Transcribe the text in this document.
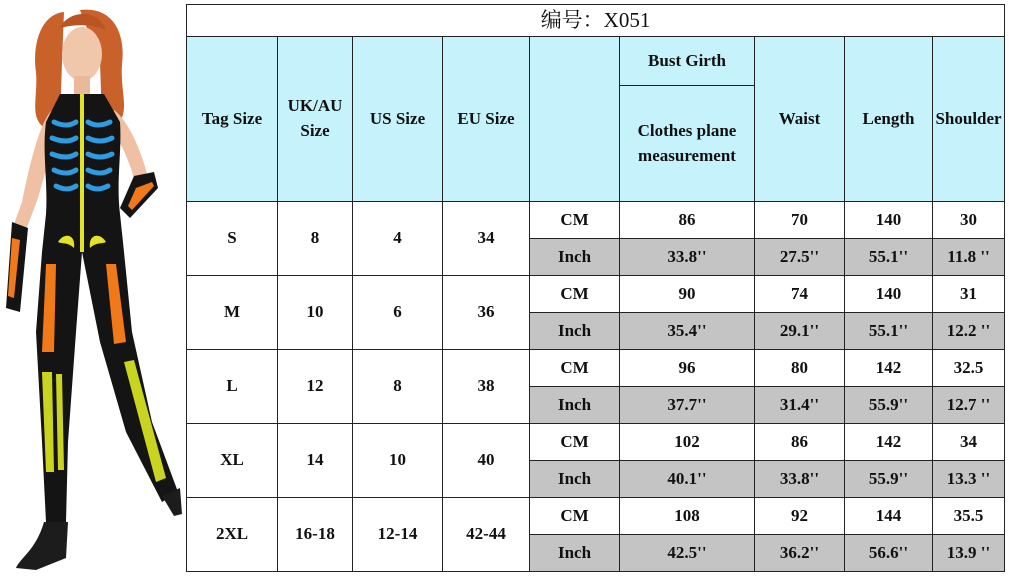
编号：X051								
Tag Size	UK/AU Size	US Size	EU Size		Bust Girth	Waist	Length	Shoulder
					Clothes plane measurement			
S	8	4	34	CM	86	70	140	30
				Inch	33.8''	27.5''	55.1''	11.8 ''
M	10	6	36	CM	90	74	140	31
				Inch	35.4''	29.1''	55.1''	12.2 ''
L	12	8	38	CM	96	80	142	32.5
				Inch	37.7''	31.4''	55.9''	12.7 ''
XL	14	10	40	CM	102	86	142	34
				Inch	40.1''	33.8''	55.9''	13.3 ''
2XL	16-18	12-14	42-44	CM	108	92	144	35.5
				Inch	42.5''	36.2''	56.6''	13.9 ''
